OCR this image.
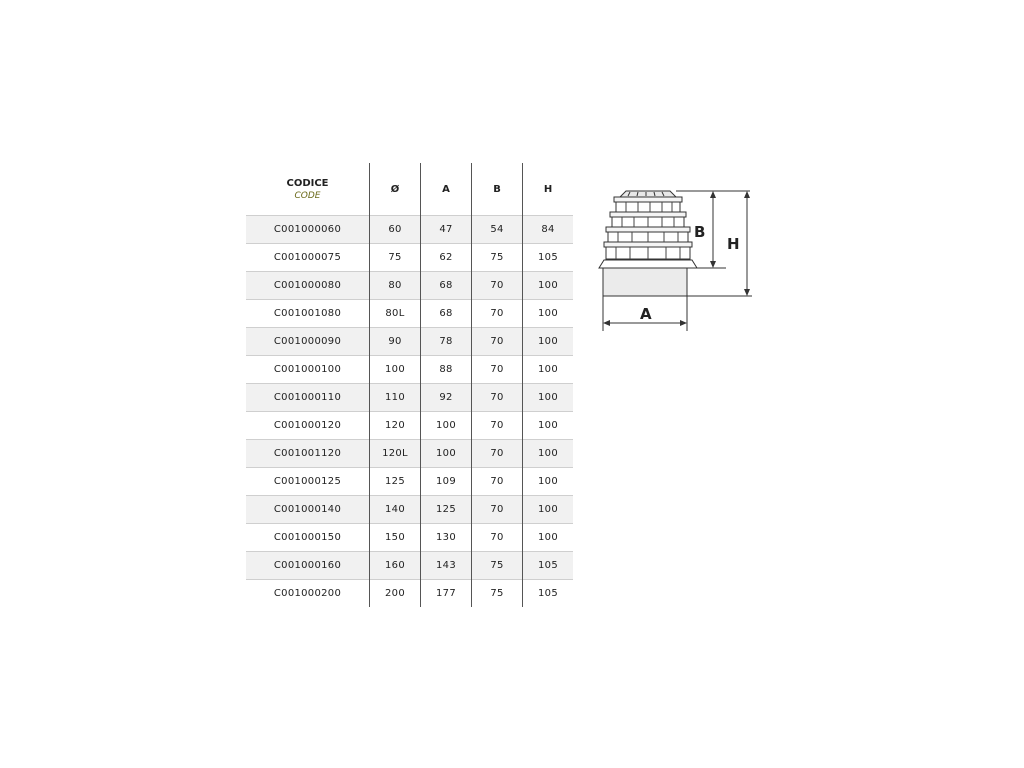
CODICE
CODE	Ø	A	B	H
C001000060	60	47	54	84
C001000075	75	62	75	105
C001000080	80	68	70	100
C001001080	80L	68	70	100
C001000090	90	78	70	100
C001000100	100	88	70	100
C001000110	110	92	70	100
C001000120	120	100	70	100
C001001120	120L	100	70	100
C001000125	125	109	70	100
C001000140	140	125	70	100
C001000150	150	130	70	100
C001000160	160	143	75	105
C001000200	200	177	75	105
B
H
A
